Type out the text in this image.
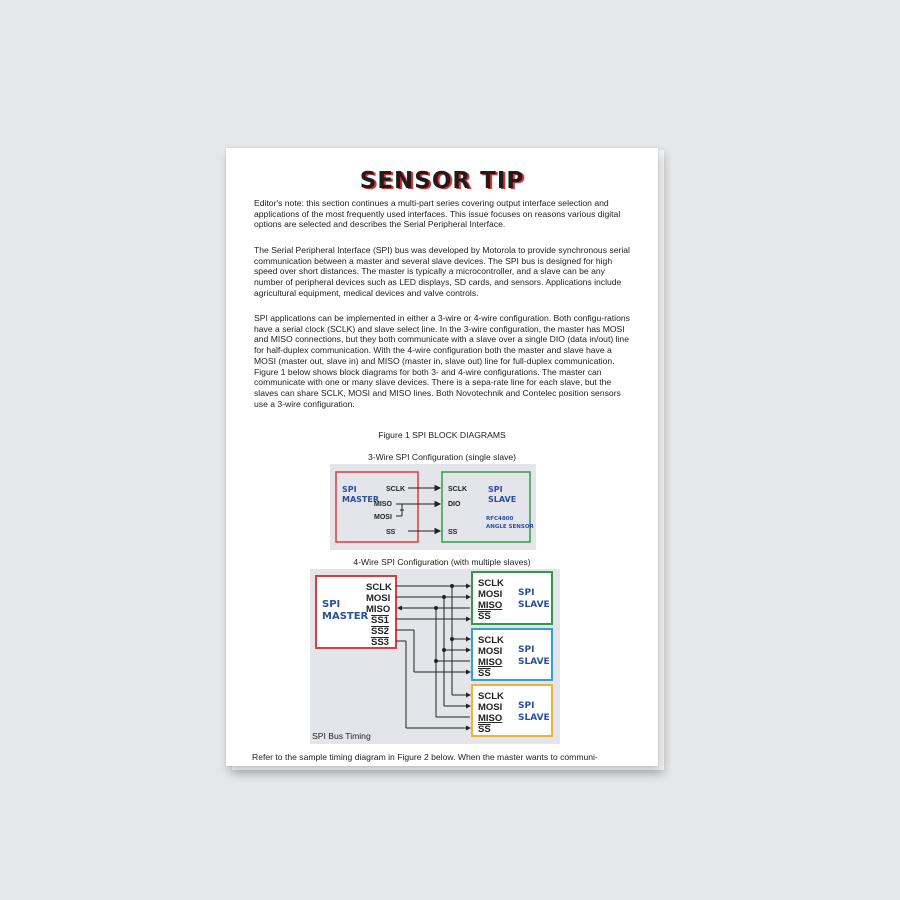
SENSOR TIP

Editor's note: this section continues a multi-part series covering output interface selection and applications of the most frequently used interfaces. This issue focuses on reasons various digital options are selected and describes the Serial Peripheral Interface.

The Serial Peripheral Interface (SPI) bus was developed by Motorola to provide synchronous serial communication between a master and several slave devices. The SPI bus is designed for high speed over short distances. The master is typically a microcontroller, and a slave can be any number of peripheral devices such as LED displays, SD cards, and sensors. Applications include agricultural equipment, medical devices and valve controls.

SPI applications can be implemented in either a 3-wire or 4-wire configuration. Both configu-rations have a serial clock (SCLK) and slave select line. In the 3-wire configuration, the master has MOSI and MISO connections, but they both communicate with a slave over a single DIO (data in/out) line for half-duplex communication. With the 4-wire configuration both the master and slave have a MOSI (master out, slave in) and MISO (master in, slave out) line for full-duplex communication. Figure 1 below shows block diagrams for both 3- and 4-wire configurations. The master can communicate with one or many slave devices. There is a sepa-rate line for each slave, but the slaves can share SCLK, MOSI and MISO lines. Both Novotechnik and Contelec position sensors use a 3-wire configuration.

Figure 1 SPI BLOCK DIAGRAMS
3-Wire SPI Configuration (single slave)
SPI
MASTER
SCLK
MISO
MOSI
SS
SCLK
DIO
SS
SPI
SLAVE
RFC4800
ANGLE SENSOR
4-Wire SPI Configuration (with multiple slaves)
SPI
MASTER
SCLK
MOSI
MISO
SS1
SS2
SS3
SCLK
MOSI
MISO
SS
SPI
SLAVE
SCLK
MOSI
MISO
SS
SPI
SLAVE
SCLK
MOSI
MISO
SS
SPI
SLAVE
SPI Bus Timing
Refer to the sample timing diagram in Figure 2 below. When the master wants to communi-
